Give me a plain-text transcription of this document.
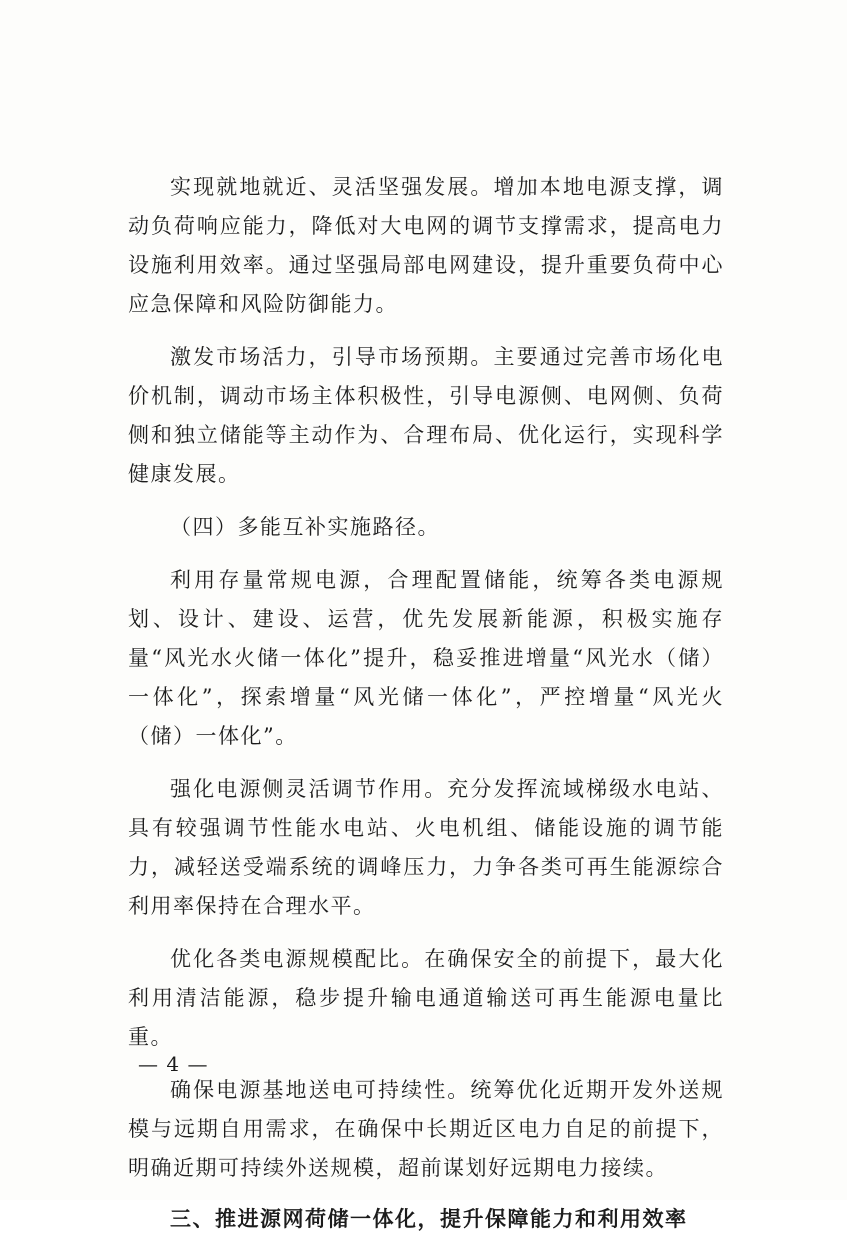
实现就地就近、灵活坚强发展。增加本地电源支撑，调动负荷响应能力，降低对大电网的调节支撑需求，提高电力设施利用效率。通过坚强局部电网建设，提升重要负荷中心应急保障和风险防御能力。

激发市场活力，引导市场预期。主要通过完善市场化电价机制，调动市场主体积极性，引导电源侧、电网侧、负荷侧和独立储能等主动作为、合理布局、优化运行，实现科学健康发展。

（四）多能互补实施路径。

利用存量常规电源，合理配置储能，统筹各类电源规划、设计、建设、运营，优先发展新能源，积极实施存量“风光水火储一体化”提升，稳妥推进增量“风光水（储）一体化”，探索增量“风光储一体化”，严控增量“风光火（储）一体化”。

强化电源侧灵活调节作用。充分发挥流域梯级水电站、具有较强调节性能水电站、火电机组、储能设施的调节能力，减轻送受端系统的调峰压力，力争各类可再生能源综合利用率保持在合理水平。

优化各类电源规模配比。在确保安全的前提下，最大化利用清洁能源，稳步提升输电通道输送可再生能源电量比重。

确保电源基地送电可持续性。统筹优化近期开发外送规模与远期自用需求，在确保中长期近区电力自足的前提下，明确近期可持续外送规模，超前谋划好远期电力接续。

三、推进源网荷储一体化，提升保障能力和利用效率

— 4 —
